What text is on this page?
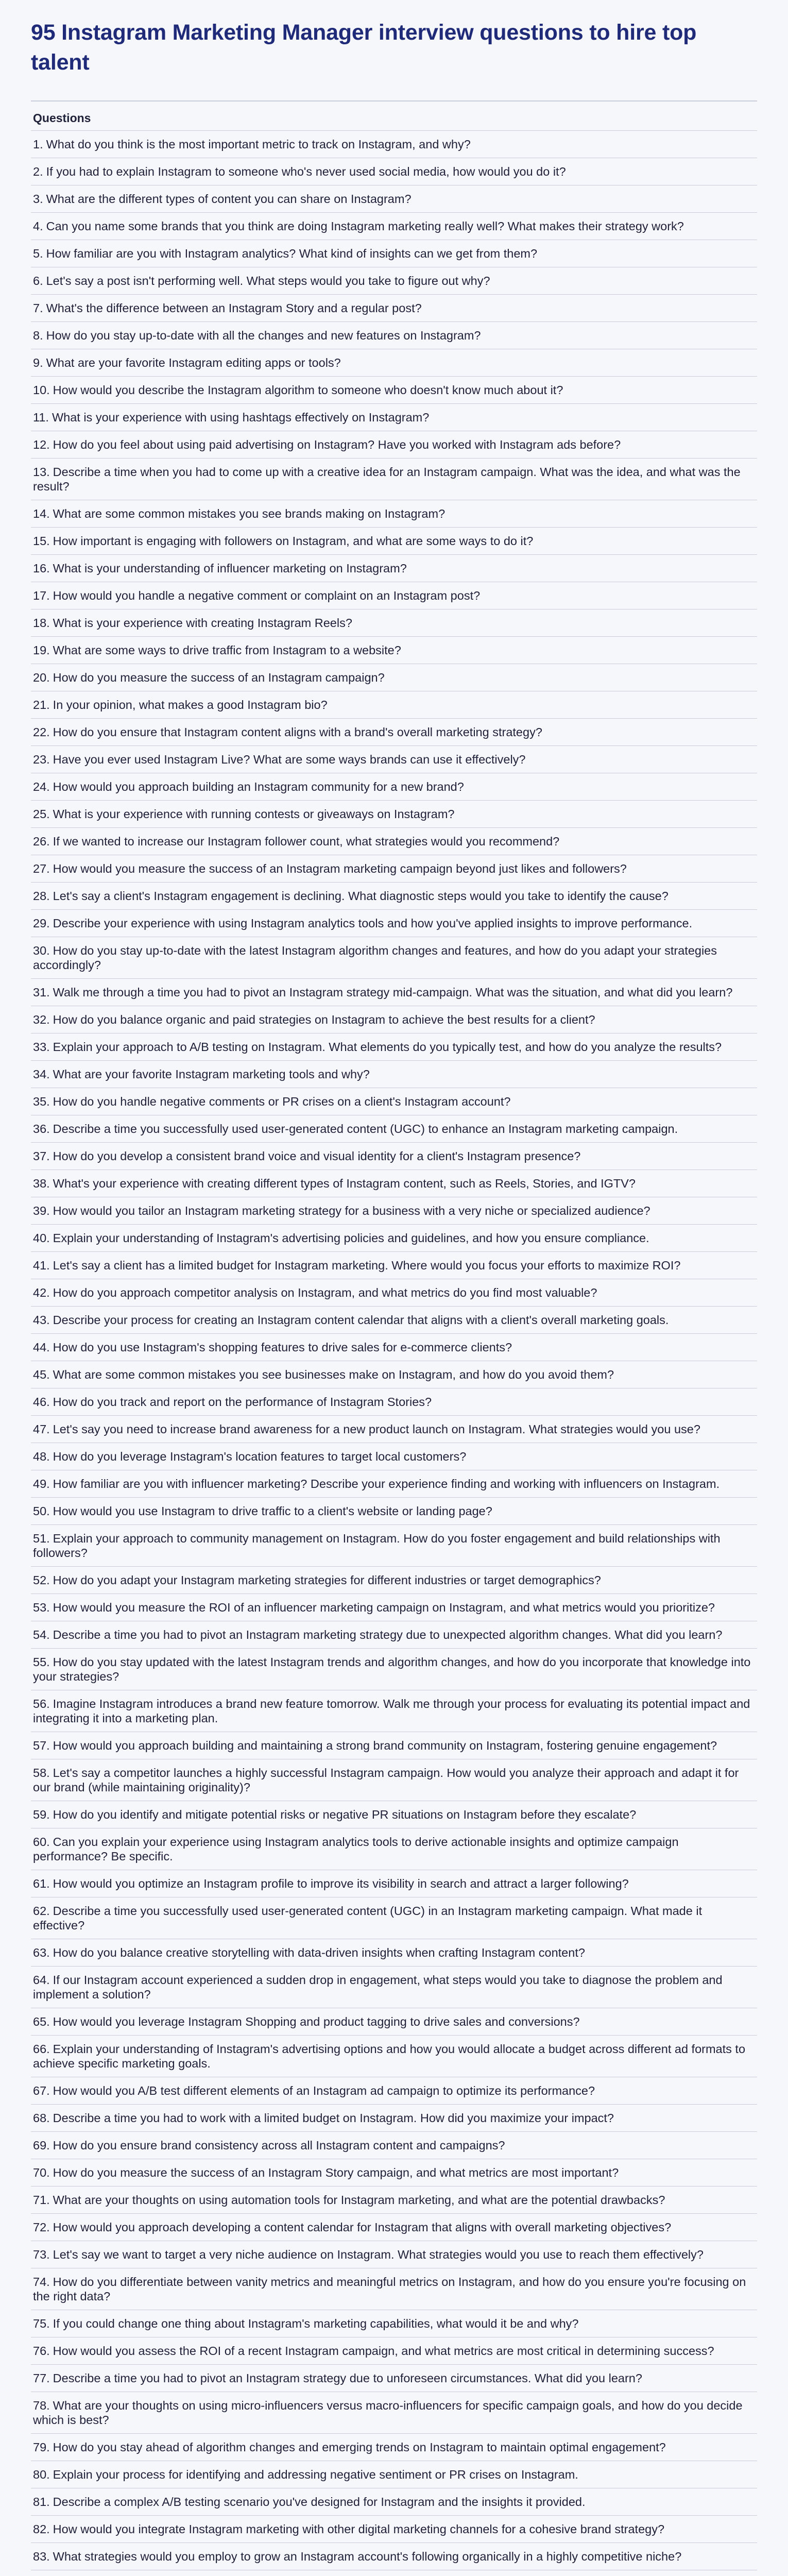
95 Instagram Marketing Manager interview questions to hire top talent
Questions
1. What do you think is the most important metric to track on Instagram, and why?
2. If you had to explain Instagram to someone who's never used social media, how would you do it?
3. What are the different types of content you can share on Instagram?
4. Can you name some brands that you think are doing Instagram marketing really well? What makes their strategy work?
5. How familiar are you with Instagram analytics? What kind of insights can we get from them?
6. Let's say a post isn't performing well. What steps would you take to figure out why?
7. What's the difference between an Instagram Story and a regular post?
8. How do you stay up-to-date with all the changes and new features on Instagram?
9. What are your favorite Instagram editing apps or tools?
10. How would you describe the Instagram algorithm to someone who doesn't know much about it?
11. What is your experience with using hashtags effectively on Instagram?
12. How do you feel about using paid advertising on Instagram? Have you worked with Instagram ads before?
13. Describe a time when you had to come up with a creative idea for an Instagram campaign. What was the idea, and what was the result?
14. What are some common mistakes you see brands making on Instagram?
15. How important is engaging with followers on Instagram, and what are some ways to do it?
16. What is your understanding of influencer marketing on Instagram?
17. How would you handle a negative comment or complaint on an Instagram post?
18. What is your experience with creating Instagram Reels?
19. What are some ways to drive traffic from Instagram to a website?
20. How do you measure the success of an Instagram campaign?
21. In your opinion, what makes a good Instagram bio?
22. How do you ensure that Instagram content aligns with a brand's overall marketing strategy?
23. Have you ever used Instagram Live? What are some ways brands can use it effectively?
24. How would you approach building an Instagram community for a new brand?
25. What is your experience with running contests or giveaways on Instagram?
26. If we wanted to increase our Instagram follower count, what strategies would you recommend?
27. How would you measure the success of an Instagram marketing campaign beyond just likes and followers?
28. Let's say a client's Instagram engagement is declining. What diagnostic steps would you take to identify the cause?
29. Describe your experience with using Instagram analytics tools and how you've applied insights to improve performance.
30. How do you stay up-to-date with the latest Instagram algorithm changes and features, and how do you adapt your strategies accordingly?
31. Walk me through a time you had to pivot an Instagram strategy mid-campaign. What was the situation, and what did you learn?
32. How do you balance organic and paid strategies on Instagram to achieve the best results for a client?
33. Explain your approach to A/B testing on Instagram. What elements do you typically test, and how do you analyze the results?
34. What are your favorite Instagram marketing tools and why?
35. How do you handle negative comments or PR crises on a client's Instagram account?
36. Describe a time you successfully used user-generated content (UGC) to enhance an Instagram marketing campaign.
37. How do you develop a consistent brand voice and visual identity for a client's Instagram presence?
38. What's your experience with creating different types of Instagram content, such as Reels, Stories, and IGTV?
39. How would you tailor an Instagram marketing strategy for a business with a very niche or specialized audience?
40. Explain your understanding of Instagram's advertising policies and guidelines, and how you ensure compliance.
41. Let's say a client has a limited budget for Instagram marketing. Where would you focus your efforts to maximize ROI?
42. How do you approach competitor analysis on Instagram, and what metrics do you find most valuable?
43. Describe your process for creating an Instagram content calendar that aligns with a client's overall marketing goals.
44. How do you use Instagram's shopping features to drive sales for e-commerce clients?
45. What are some common mistakes you see businesses make on Instagram, and how do you avoid them?
46. How do you track and report on the performance of Instagram Stories?
47. Let's say you need to increase brand awareness for a new product launch on Instagram. What strategies would you use?
48. How do you leverage Instagram's location features to target local customers?
49. How familiar are you with influencer marketing? Describe your experience finding and working with influencers on Instagram.
50. How would you use Instagram to drive traffic to a client's website or landing page?
51. Explain your approach to community management on Instagram. How do you foster engagement and build relationships with followers?
52. How do you adapt your Instagram marketing strategies for different industries or target demographics?
53. How would you measure the ROI of an influencer marketing campaign on Instagram, and what metrics would you prioritize?
54. Describe a time you had to pivot an Instagram marketing strategy due to unexpected algorithm changes. What did you learn?
55. How do you stay updated with the latest Instagram trends and algorithm changes, and how do you incorporate that knowledge into your strategies?
56. Imagine Instagram introduces a brand new feature tomorrow. Walk me through your process for evaluating its potential impact and integrating it into a marketing plan.
57. How would you approach building and maintaining a strong brand community on Instagram, fostering genuine engagement?
58. Let's say a competitor launches a highly successful Instagram campaign. How would you analyze their approach and adapt it for our brand (while maintaining originality)?
59. How do you identify and mitigate potential risks or negative PR situations on Instagram before they escalate?
60. Can you explain your experience using Instagram analytics tools to derive actionable insights and optimize campaign performance? Be specific.
61. How would you optimize an Instagram profile to improve its visibility in search and attract a larger following?
62. Describe a time you successfully used user-generated content (UGC) in an Instagram marketing campaign. What made it effective?
63. How do you balance creative storytelling with data-driven insights when crafting Instagram content?
64. If our Instagram account experienced a sudden drop in engagement, what steps would you take to diagnose the problem and implement a solution?
65. How would you leverage Instagram Shopping and product tagging to drive sales and conversions?
66. Explain your understanding of Instagram's advertising options and how you would allocate a budget across different ad formats to achieve specific marketing goals.
67. How would you A/B test different elements of an Instagram ad campaign to optimize its performance?
68. Describe a time you had to work with a limited budget on Instagram. How did you maximize your impact?
69. How do you ensure brand consistency across all Instagram content and campaigns?
70. How do you measure the success of an Instagram Story campaign, and what metrics are most important?
71. What are your thoughts on using automation tools for Instagram marketing, and what are the potential drawbacks?
72. How would you approach developing a content calendar for Instagram that aligns with overall marketing objectives?
73. Let's say we want to target a very niche audience on Instagram. What strategies would you use to reach them effectively?
74. How do you differentiate between vanity metrics and meaningful metrics on Instagram, and how do you ensure you're focusing on the right data?
75. If you could change one thing about Instagram's marketing capabilities, what would it be and why?
76. How would you assess the ROI of a recent Instagram campaign, and what metrics are most critical in determining success?
77. Describe a time you had to pivot an Instagram strategy due to unforeseen circumstances. What did you learn?
78. What are your thoughts on using micro-influencers versus macro-influencers for specific campaign goals, and how do you decide which is best?
79. How do you stay ahead of algorithm changes and emerging trends on Instagram to maintain optimal engagement?
80. Explain your process for identifying and addressing negative sentiment or PR crises on Instagram.
81. Describe a complex A/B testing scenario you've designed for Instagram and the insights it provided.
82. How would you integrate Instagram marketing with other digital marketing channels for a cohesive brand strategy?
83. What strategies would you employ to grow an Instagram account's following organically in a highly competitive niche?
